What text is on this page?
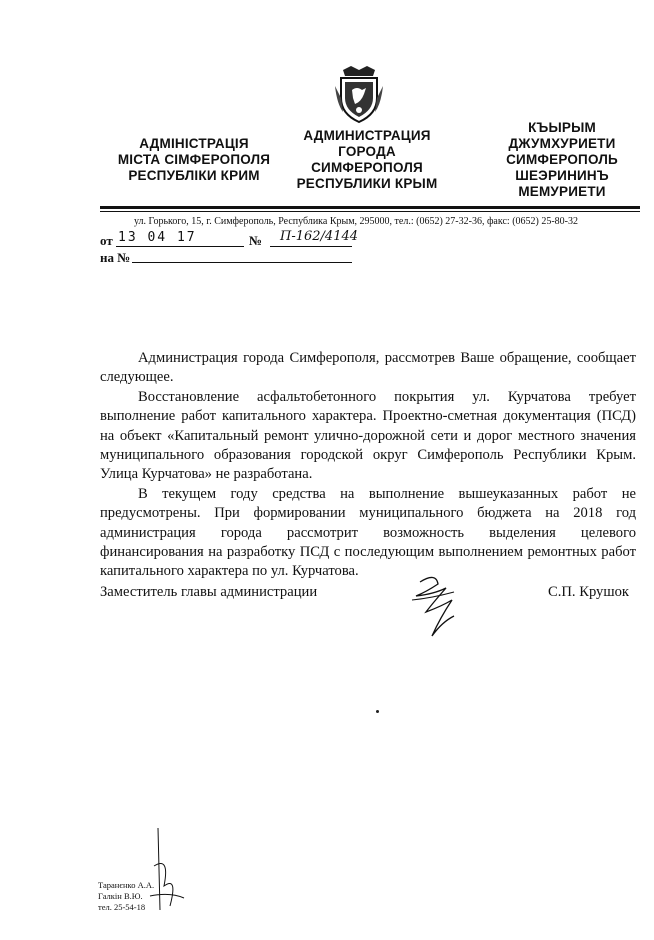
АДМІНІСТРАЦІЯ
МІСТА СІМФЕРОПОЛЯ
РЕСПУБЛІКИ КРИМ
АДМИНИСТРАЦИЯ
ГОРОДА
СИМФЕРОПОЛЯ
РЕСПУБЛИКИ КРЫМ
КЪЫРЫМ
ДЖУМХУРИЕТИ
СИМФЕРОПОЛЬ
ШЕЭРИНИНЪ
МЕМУРИЕТИ
ул. Горького, 15, г. Симферополь, Республика Крым, 295000, тел.: (0652) 27-32-36, факс: (0652) 25-80-32
от 13 04 17	№ П-162/4144
на №

Администрация города Симферополя, рассмотрев Ваше обращение, сообщает следующее.

Восстановление асфальтобетонного покрытия ул. Курчатова требует выполнение работ капитального характера. Проектно-сметная документация (ПСД) на объект «Капитальный ремонт улично-дорожной сети и дорог местного значения муниципального образования городской округ Симферополь Республики Крым. Улица Курчатова» не разработана.

В текущем году средства на выполнение вышеуказанных работ не предусмотрены. При формировании муниципального бюджета на 2018 год администрация города рассмотрит возможность выделения целевого финансирования на разработку ПСД с последующим выполнением ремонтных работ капитального характера по ул. Курчатова.

Заместитель главы администрации	С.П. Крушок
Таранєнко А.А.
Галкін В.Ю.
тел. 25-54-18
